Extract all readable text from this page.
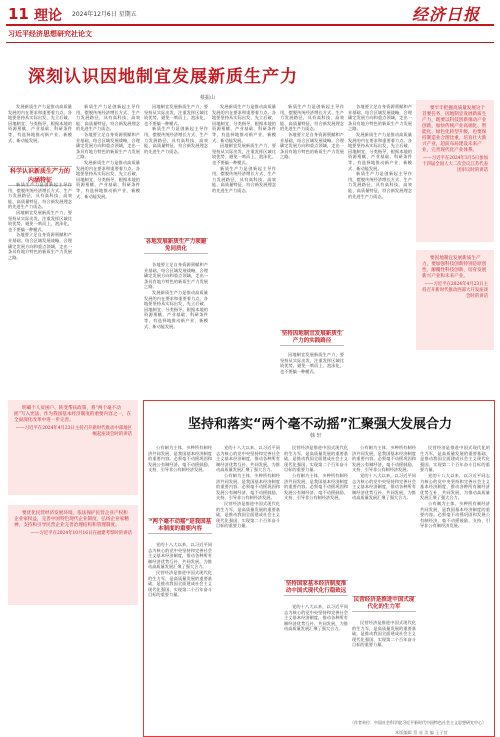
11 理论 2024年12月6日 星期五	经济日报
习近平经济思想研究社论文
深刻认识因地制宜发展新质生产力
蔡振山

发展新质生产力是推动高质量发展的内在要求和重要着力点。各地要坚持从实际出发，先立后破、因地制宜、分类指导，根据本地的资源禀赋、产业基础、科研条件等，有选择地推动新产业、新模式、新动能发展。

科学认识新质生产力的内涵特征

新质生产力是创新起主导作用，摆脱传统经济增长方式、生产力发展路径，具有高科技、高效能、高质量特征，符合新发展理念的先进生产力质态。

因地制宜发展新质生产力，要坚持从实际出发，注重发挥区域比较优势，避免一哄而上、泡沫化，也不要搞一种模式。

各地要立足自身资源禀赋和产业基础，结合区域发展战略，合理确定发展方向和重点领域，走出一条具有地方特色的新质生产力发展之路。

新质生产力是创新起主导作用，摆脱传统经济增长方式、生产力发展路径，具有高科技、高效能、高质量特征，符合新发展理念的先进生产力质态。

各地要立足自身资源禀赋和产业基础，结合区域发展战略，合理确定发展方向和重点领域，走出一条具有地方特色的新质生产力发展之路。

发展新质生产力是推动高质量发展的内在要求和重要着力点。各地要坚持从实际出发，先立后破、因地制宜、分类指导，根据本地的资源禀赋、产业基础、科研条件等，有选择地推动新产业、新模式、新动能发展。

因地制宜发展新质生产力，要坚持从实际出发，注重发挥区域比较优势，避免一哄而上、泡沫化，也不要搞一种模式。

新质生产力是创新起主导作用，摆脱传统经济增长方式、生产力发展路径，具有高科技、高效能、高质量特征，符合新发展理念的先进生产力质态。

各地发展新质生产力须避免同质化

各地要立足自身资源禀赋和产业基础，结合区域发展战略，合理确定发展方向和重点领域，走出一条具有地方特色的新质生产力发展之路。

发展新质生产力是推动高质量发展的内在要求和重要着力点。各地要坚持从实际出发，先立后破、因地制宜、分类指导，根据本地的资源禀赋、产业基础、科研条件等，有选择地推动新产业、新模式、新动能发展。

发展新质生产力是推动高质量发展的内在要求和重要着力点。各地要坚持从实际出发，先立后破、因地制宜、分类指导，根据本地的资源禀赋、产业基础、科研条件等，有选择地推动新产业、新模式、新动能发展。

因地制宜发展新质生产力，要坚持从实际出发，注重发挥区域比较优势，避免一哄而上、泡沫化，也不要搞一种模式。

新质生产力是创新起主导作用，摆脱传统经济增长方式、生产力发展路径，具有高科技、高效能、高质量特征，符合新发展理念的先进生产力质态。

新质生产力是创新起主导作用，摆脱传统经济增长方式、生产力发展路径，具有高科技、高效能、高质量特征，符合新发展理念的先进生产力质态。

各地要立足自身资源禀赋和产业基础，结合区域发展战略，合理确定发展方向和重点领域，走出一条具有地方特色的新质生产力发展之路。

坚持因地制宜发展新质生产力的实践路径

因地制宜发展新质生产力，要坚持从实际出发，注重发挥区域比较优势，避免一哄而上、泡沫化，也不要搞一种模式。

各地要立足自身资源禀赋和产业基础，结合区域发展战略，合理确定发展方向和重点领域，走出一条具有地方特色的新质生产力发展之路。

发展新质生产力是推动高质量发展的内在要求和重要着力点。各地要坚持从实际出发，先立后破、因地制宜、分类指导，根据本地的资源禀赋、产业基础、科研条件等，有选择地推动新产业、新模式、新动能发展。

新质生产力是创新起主导作用，摆脱传统经济增长方式、生产力发展路径，具有高科技、高效能、高质量特征，符合新发展理念的先进生产力质态。

要牢牢把握高质量发展这个首要任务，因地制宜发展新质生产力，既要以科技创新推动产业创新，加快传统产业高端化、智能化、绿色化转型升级，也要保持制造业合理比重，培育壮大新兴产业，超前布局建设未来产业，完善现代化产业体系。

——习近平在2024年3月5日参加十四届全国人大二次会议江苏代表团审议时的讲话

要因地制宜发展新质生产力，要加强科技创新特别是原创性、颠覆性科技创新，培育发展新兴产业和未来产业。

——习近平在2024年4月23日主持召开新时代推动西部大开发座谈会时的讲话

明确个人贫困户、转变帮扶政策，将“两个毫不动摇”写入宪法，作为我国基本经济制度的重要内容之一，在全面深化改革中进一步完善。

——习近平在2024年4月23日主持召开新时代推动中部地区崛起座谈会时的讲话

要优化民营经济发展环境，依法保护民营企业产权和企业家权益，完善中国特色现代企业制度，弘扬企业家精神，支持和引导民营企业完善治理结构和管理制度。

——习近平在2024年10月16日在福建考察时的讲话
坚持和落实“两个毫不动摇”汇聚强大发展合力
韩 轩

公有制为主体、多种所有制经济共同发展，是我国基本经济制度的重要内容。必须毫不动摇巩固和发展公有制经济，毫不动摇鼓励、支持、引导非公有制经济发展。

“两个毫不动摇”是我国基本制度的重要内容

党的十八大以来，以习近平同志为核心的党中央坚持和完善社会主义基本经济制度，推动各种所有制经济优势互补、共同发展，为推动高质量发展汇聚了强大合力。

民营经济是推进中国式现代化的生力军，是高质量发展的重要基础，是推动我国全面建成社会主义现代化强国、实现第二个百年奋斗目标的重要力量。

党的十八大以来，以习近平同志为核心的党中央坚持和完善社会主义基本经济制度，推动各种所有制经济优势互补、共同发展，为推动高质量发展汇聚了强大合力。

公有制为主体、多种所有制经济共同发展，是我国基本经济制度的重要内容。必须毫不动摇巩固和发展公有制经济，毫不动摇鼓励、支持、引导非公有制经济发展。

民营经济是推进中国式现代化的生力军，是高质量发展的重要基础，是推动我国全面建成社会主义现代化强国、实现第二个百年奋斗目标的重要力量。

民营经济是推进中国式现代化的生力军，是高质量发展的重要基础，是推动我国全面建成社会主义现代化强国、实现第二个百年奋斗目标的重要力量。

公有制为主体、多种所有制经济共同发展，是我国基本经济制度的重要内容。必须毫不动摇巩固和发展公有制经济，毫不动摇鼓励、支持、引导非公有制经济发展。

坚持国家基本经济制度推动中国式现代化行稳致远

党的十八大以来，以习近平同志为核心的党中央坚持和完善社会主义基本经济制度，推动各种所有制经济优势互补、共同发展，为推动高质量发展汇聚了强大合力。

公有制为主体、多种所有制经济共同发展，是我国基本经济制度的重要内容。必须毫不动摇巩固和发展公有制经济，毫不动摇鼓励、支持、引导非公有制经济发展。

党的十八大以来，以习近平同志为核心的党中央坚持和完善社会主义基本经济制度，推动各种所有制经济优势互补、共同发展，为推动高质量发展汇聚了强大合力。

民营经济是推进中国式现代化的生力军

民营经济是推进中国式现代化的生力军，是高质量发展的重要基础，是推动我国全面建成社会主义现代化强国、实现第二个百年奋斗目标的重要力量。

民营经济是推进中国式现代化的生力军，是高质量发展的重要基础，是推动我国全面建成社会主义现代化强国、实现第二个百年奋斗目标的重要力量。

党的十八大以来，以习近平同志为核心的党中央坚持和完善社会主义基本经济制度，推动各种所有制经济优势互补、共同发展，为推动高质量发展汇聚了强大合力。

公有制为主体、多种所有制经济共同发展，是我国基本经济制度的重要内容。必须毫不动摇巩固和发展公有制经济，毫不动摇鼓励、支持、引导非公有制经济发展。

（作者单位：中国社会科学院习近平新时代中国特色社会主义思想研究中心）
本版编辑 蔡 遥 美 编 王子萱
